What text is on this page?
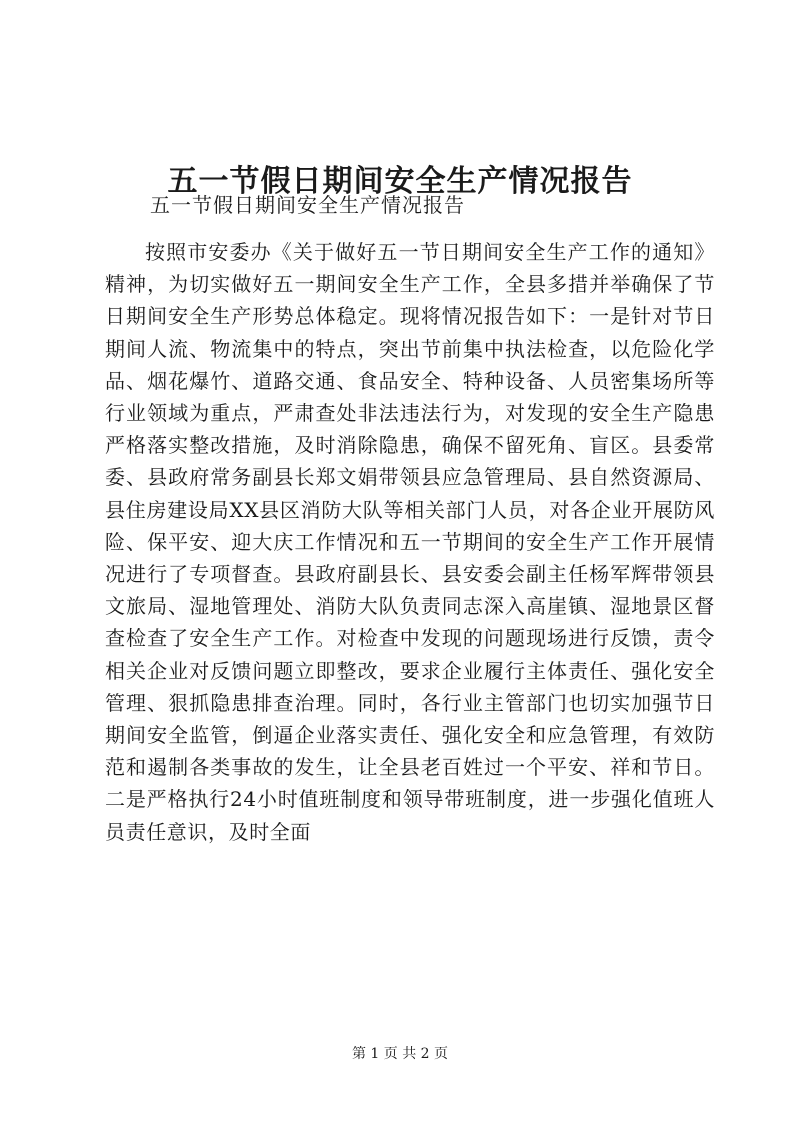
五一节假日期间安全生产情况报告
五一节假日期间安全生产情况报告

按照市安委办《关于做好五一节日期间安全生产工作的通知》精神，为切实做好五一期间安全生产工作，全县多措并举确保了节日期间安全生产形势总体稳定。现将情况报告如下：一是针对节日期间人流、物流集中的特点，突出节前集中执法检查，以危险化学品、烟花爆竹、道路交通、食品安全、特种设备、人员密集场所等行业领域为重点，严肃查处非法违法行为，对发现的安全生产隐患严格落实整改措施，及时消除隐患，确保不留死角、盲区。县委常委、县政府常务副县长郑文娟带领县应急管理局、县自然资源局、县住房建设局XX县区消防大队等相关部门人员，对各企业开展防风险、保平安、迎大庆工作情况和五一节期间的安全生产工作开展情况进行了专项督查。县政府副县长、县安委会副主任杨军辉带领县文旅局、湿地管理处、消防大队负责同志深入高崖镇、湿地景区督查检查了安全生产工作。对检查中发现的问题现场进行反馈，责令相关企业对反馈问题立即整改，要求企业履行主体责任、强化安全管理、狠抓隐患排查治理。同时，各行业主管部门也切实加强节日期间安全监管，倒逼企业落实责任、强化安全和应急管理，有效防范和遏制各类事故的发生，让全县老百姓过一个平安、祥和节日。二是严格执行24小时值班制度和领导带班制度，进一步强化值班人员责任意识，及时全面

第 1 页 共 2 页
